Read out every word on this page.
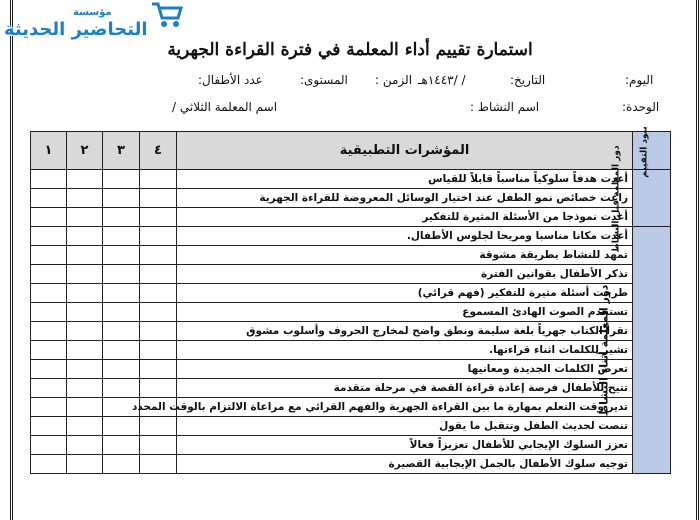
مؤسسة
التحاضير الحديثة
استمارة تقييم أداء المعلمة في فترة القراءة الجهرية
اليوم:
التاريخ:
/ /١٤٤٣هـ
الزمن :
المستوى:
عدد الأطفال:
الوحدة:
اسم النشاط :
اسم المعلمة الثلاثي /
بنود التقييم	المؤشرات التطبيقية	٤	٣	٢	١
دور المعلمة قبل النشاط	أعدت هدفاً سلوكياً مناسباً قابلاً للقياس				
	راعت خصائص نمو الطفل عند اختيار الوسائل المعروضة للقراءة الجهرية				
	أعدت نموذجا من الأسئلة المثيرة للتفكير				
دور المعلمة أثناء النشاط	أعدت مكانا مناسبا ومريحا لجلوس الأطفال.				
	تمهد للنشاط بطريقة مشوقة				
	تذكر الأطفال بقوانين الفترة				
	طرحت أسئلة مثيرة للتفكير (فهم قرائي)				
	تستخدم الصوت الهادئ المسموع				
	تقرأ الكتاب جهرياً بلغة سليمة ونطق واضح لمخارج الحروف وأسلوب مشوق				
	تشير للكلمات اثناء قراءتها.				
	تعرض الكلمات الجديدة ومعانيها				
	تتيح للأطفال فرصة إعادة قراءة القصة في مرحلة متقدمة				
	تدير وقت التعلم بمهارة ما بين القراءة الجهرية والفهم القرائي مع مراعاة الالتزام بالوقت المحدد				
	تنصت لحديث الطفل وتتقبل ما يقول				
	تعزز السلوك الإيجابي للأطفال تعزيزاً فعالاً				
	توجيه سلوك الأطفال بالجمل الإيجابية القصيرة				
